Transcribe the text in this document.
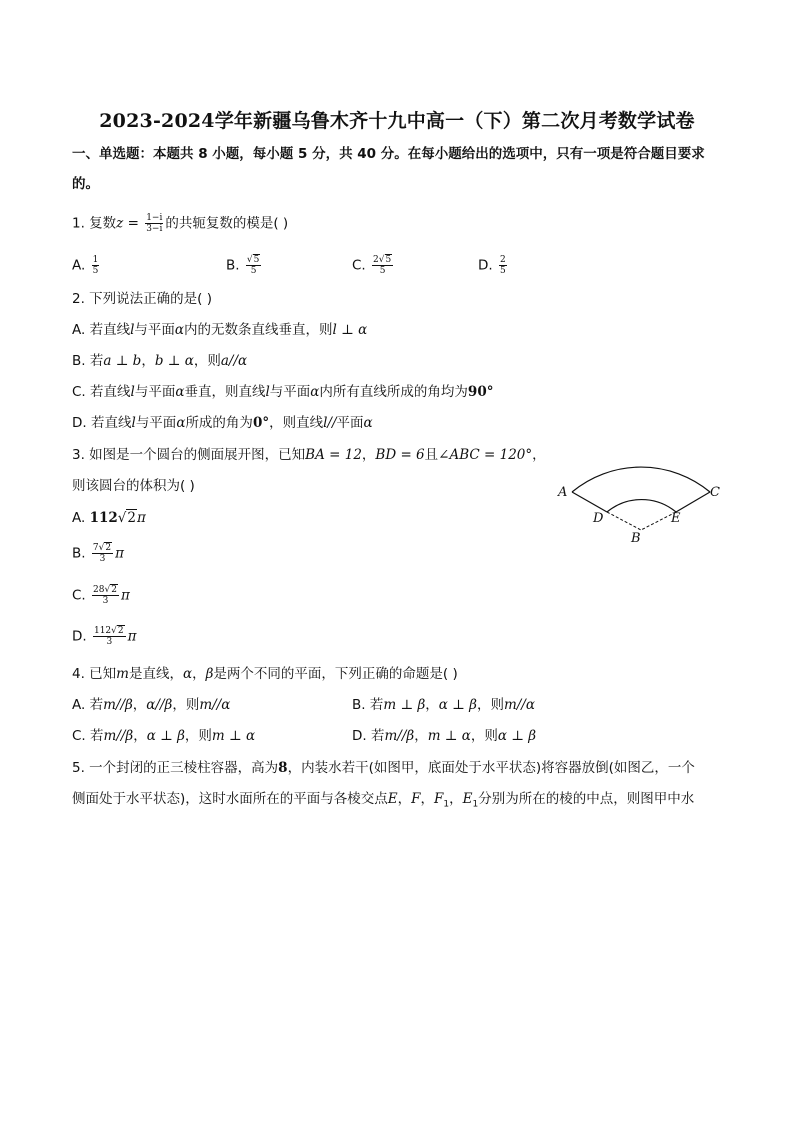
2023-2024学年新疆乌鲁木齐十九中高一（下）第二次月考数学试卷
一、单选题：本题共 8 小题，每小题 5 分，共 40 分。在每小题给出的选项中，只有一项是符合题目要求
的。
1. 复数$z = \frac{1-i}{3-i}$ 的共轭复数的模是( )
A. $\frac{1}{5}$	B. $\frac{√5}{5}$	C. $\frac{2√5}{5}$	D. $\frac{2}{5}$
2. 下列说法正确的是( )
A. 若直线l与平面α内的无数条直线垂直，则l ⊥ α
B. 若a ⊥ b，b ⊥ α，则a//α
C. 若直线l与平面α垂直，则直线l与平面α内所有直线所成的角均为90°
D. 若直线l与平面α所成的角为0°，则直线l//平面α
3. 如图是一个圆台的侧面展开图，已知BA = 12，BD = 6且∠ABC = 120°，
则该圆台的体积为( )
A. 112√2π
B. $\frac{7√2}{3}$ π
C. $\frac{28√2}{3}$ π
D. $\frac{112√2}{3}$ π
A	C
D	E
B
4. 已知m是直线，α，β是两个不同的平面，下列正确的命题是( )
A. 若m//β，α//β，则m//α	B. 若m ⊥ β，α ⊥ β，则m//α
C. 若m//β，α ⊥ β，则m ⊥ α	D. 若m//β，m ⊥ α，则α ⊥ β
5. 一个封闭的正三棱柱容器，高为8，内装水若干(如图甲，底面处于水平状态)将容器放倒(如图乙，一个
侧面处于水平状态)，这时水面所在的平面与各棱交点E，F，$F_1$，$E_1$分别为所在的棱的中点，则图甲中水
